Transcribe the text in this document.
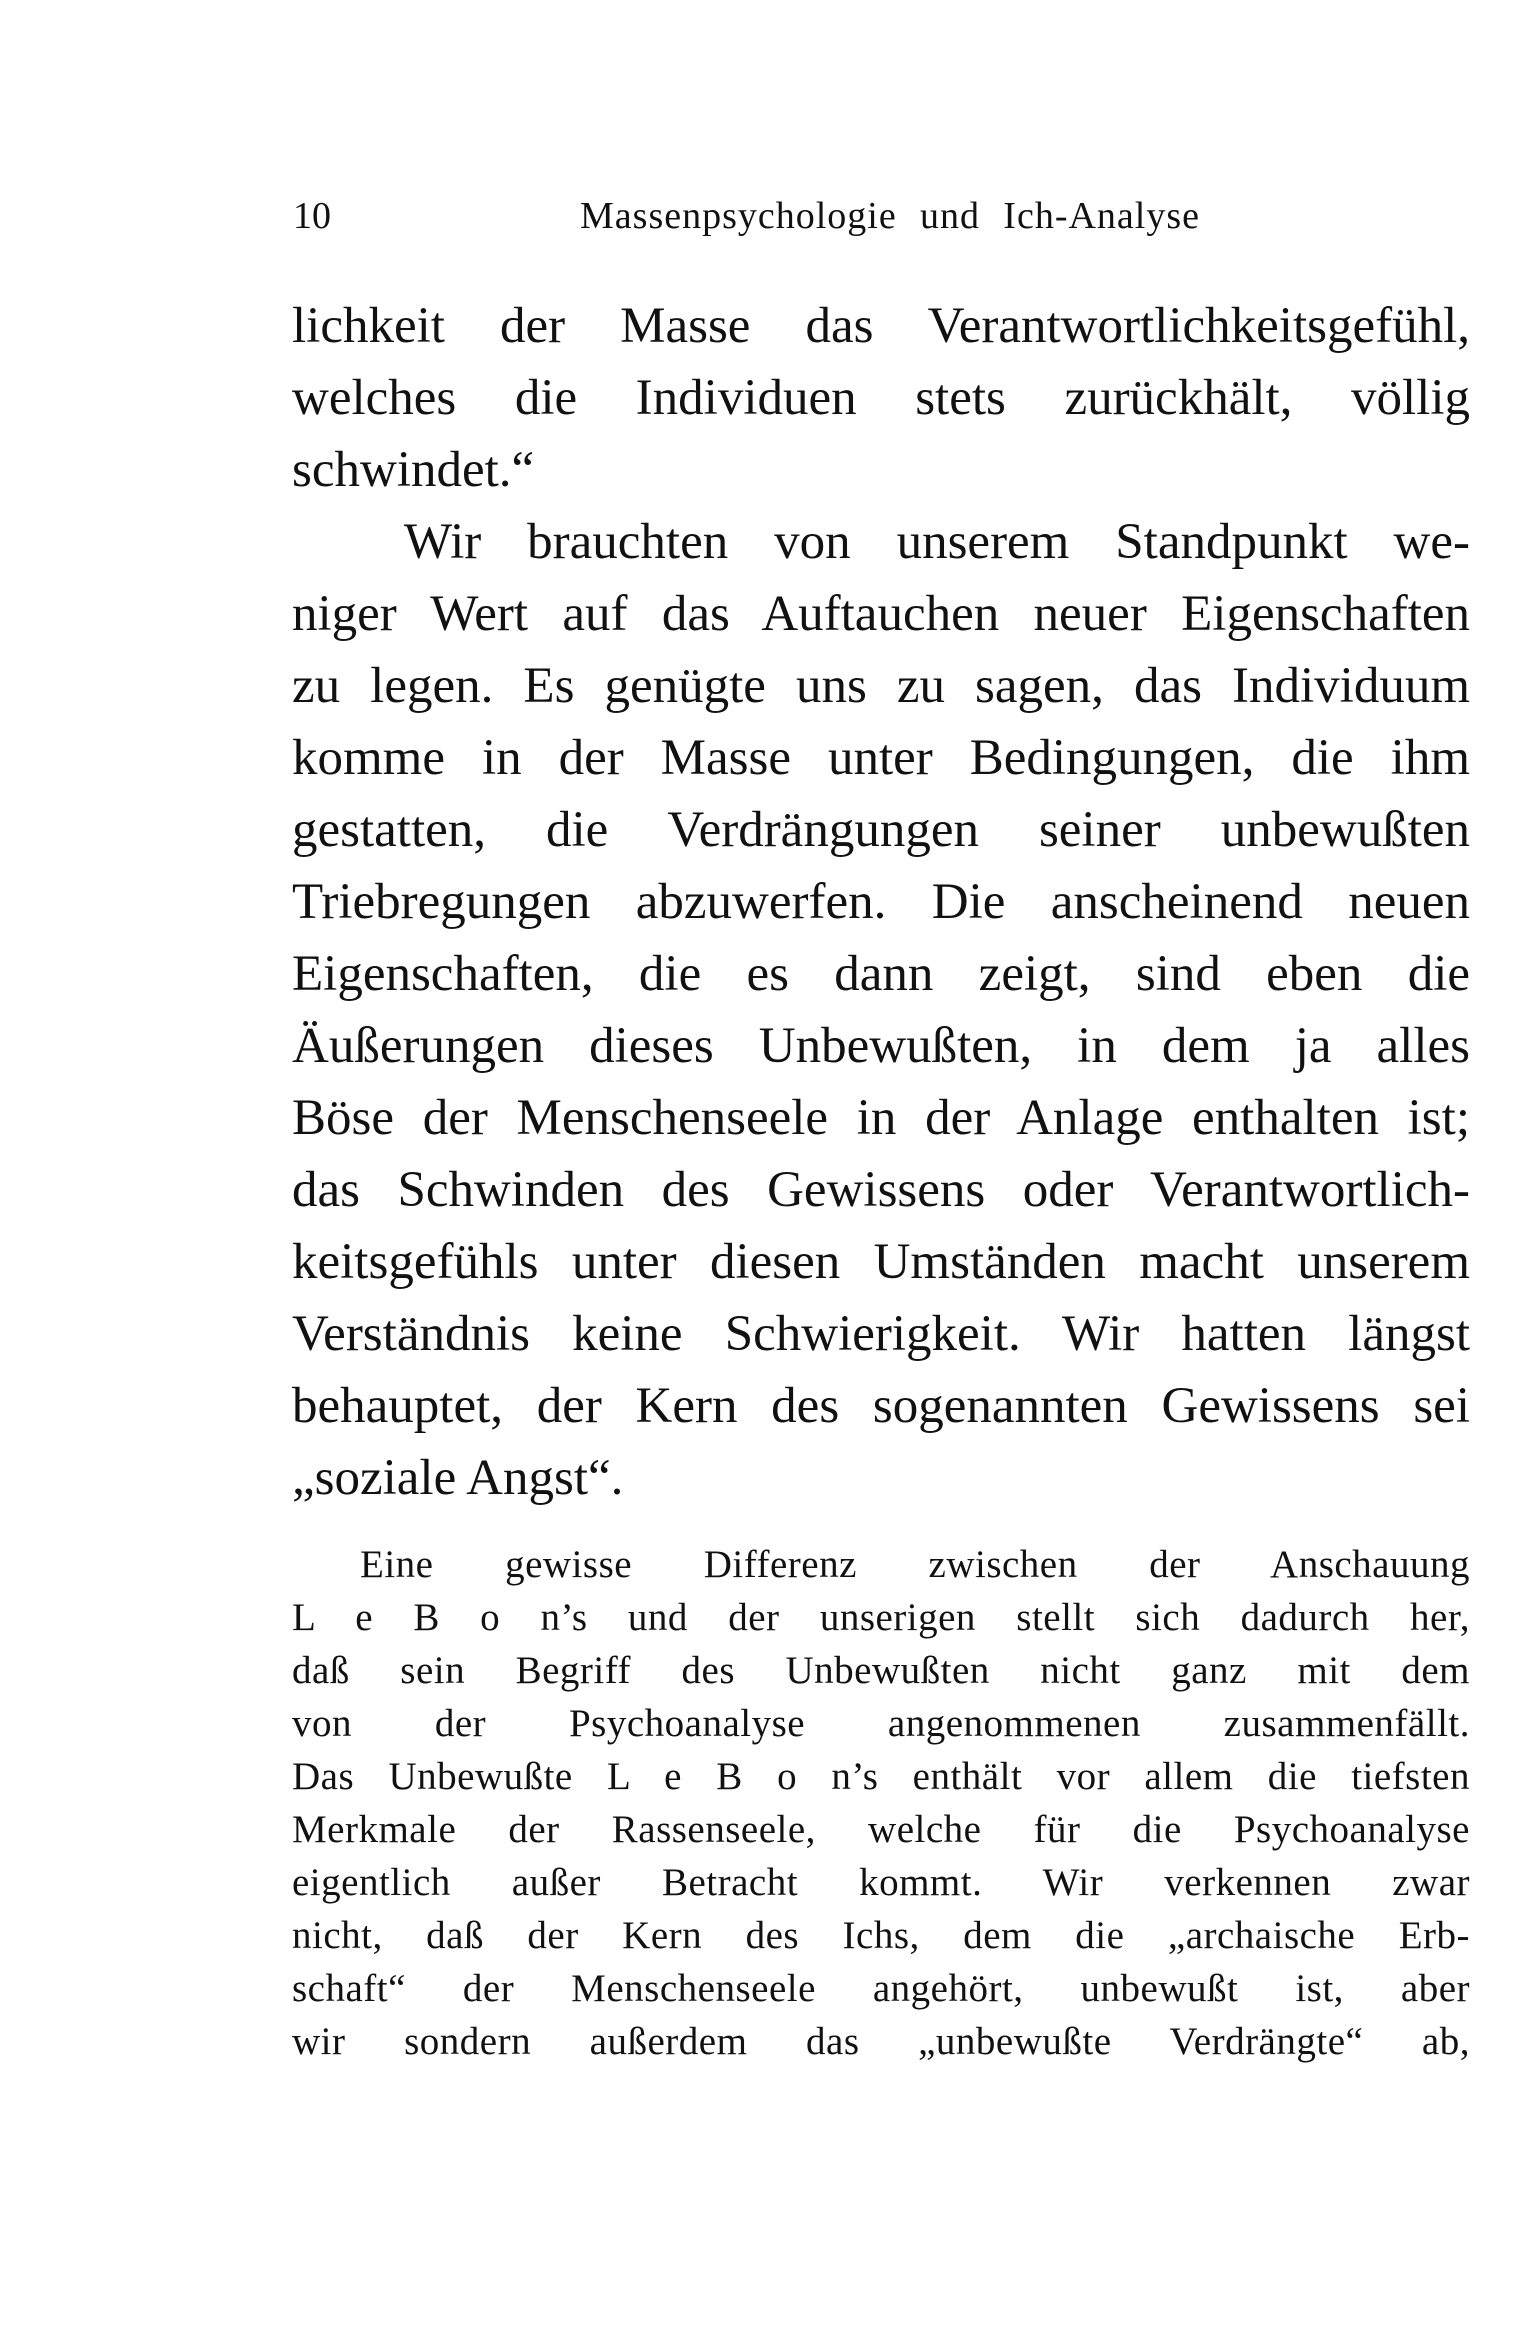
10	Massenpsychologie und Ich-Analyse
lichkeit der Masse das Verantwortlichkeitsgefühl,
welches die Individuen stets zurückhält, völlig
schwindet.“
Wir brauchten von unserem Standpunkt we-
niger Wert auf das Auftauchen neuer Eigenschaften
zu legen. Es genügte uns zu sagen, das Individuum
komme in der Masse unter Bedingungen, die ihm
gestatten, die Verdrängungen seiner unbewußten
Triebregungen abzuwerfen. Die anscheinend neuen
Eigenschaften, die es dann zeigt, sind eben die
Äußerungen dieses Unbewußten, in dem ja alles
Böse der Menschenseele in der Anlage enthalten ist;
das Schwinden des Gewissens oder Verantwortlich-
keitsgefühls unter diesen Umständen macht unserem
Verständnis keine Schwierigkeit. Wir hatten längst
behauptet, der Kern des sogenannten Gewissens sei
„soziale Angst“.
Eine gewisse Differenz zwischen der Anschauung
L e B o n’s und der unserigen stellt sich dadurch her,
daß sein Begriff des Unbewußten nicht ganz mit dem
von der Psychoanalyse angenommenen zusammenfällt.
Das Unbewußte L e B o n’s enthält vor allem die tiefsten
Merkmale der Rassenseele, welche für die Psychoanalyse
eigentlich außer Betracht kommt. Wir verkennen zwar
nicht, daß der Kern des Ichs, dem die „archaische Erb-
schaft“ der Menschenseele angehört, unbewußt ist, aber
wir sondern außerdem das „unbewußte Verdrängte“ ab,
